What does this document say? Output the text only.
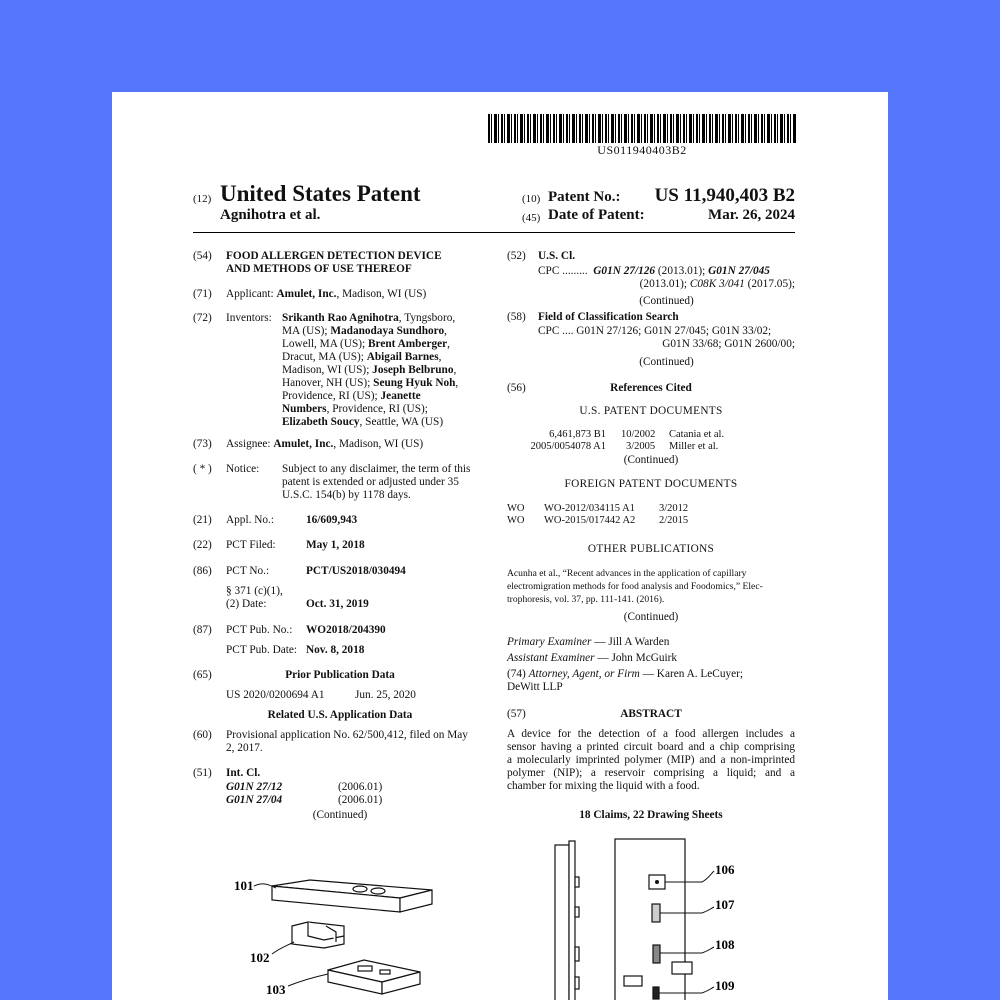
US011940403B2
(12) United States Patent
Agnihotra et al.
(10) Patent No.: US 11,940,403 B2
(45) Date of Patent:	Mar. 26, 2024
(54) FOOD ALLERGEN DETECTION DEVICE
AND METHODS OF USE THEREOF
(71) Applicant: Amulet, Inc., Madison, WI (US)
(72) Inventors: Srikanth Rao Agnihotra, Tyngsboro,
MA (US); Madanodaya Sundhoro,
Lowell, MA (US); Brent Amberger,
Dracut, MA (US); Abigail Barnes,
Madison, WI (US); Joseph Belbruno,
Hanover, NH (US); Seung Hyuk Noh,
Providence, RI (US); Jeanette
Numbers, Providence, RI (US);
Elizabeth Soucy, Seattle, WA (US)
(73) Assignee: Amulet, Inc., Madison, WI (US)
( * ) Notice: Subject to any disclaimer, the term of this
patent is extended or adjusted under 35
U.S.C. 154(b) by 1178 days.
(21) Appl. No.:	16/609,943
(22) PCT Filed:	May 1, 2018
(86) PCT No.:	PCT/US2018/030494
§ 371 (c)(1),
(2) Date:	Oct. 31, 2019
(87) PCT Pub. No.: WO2018/204390
PCT Pub. Date: Nov. 8, 2018
(65)	Prior Publication Data
US 2020/0200694 A1	Jun. 25, 2020
Related U.S. Application Data
(60) Provisional application No. 62/500,412, filed on May
2, 2017.
(51) Int. Cl.
G01N 27/12	(2006.01)
G01N 27/04	(2006.01)
(Continued)
(52) U.S. Cl.
CPC ......... G01N 27/126 (2013.01); G01N 27/045
(2013.01); C08K 3/041 (2017.05);
(Continued)
(58) Field of Classification Search
CPC .... G01N 27/126; G01N 27/045; G01N 33/02;
G01N 33/68; G01N 2600/00;
(Continued)
(56)	References Cited
U.S. PATENT DOCUMENTS
6,461,873 B1 10/2002 Catania et al.
2005/0054078 A1 3/2005 Miller et al.
(Continued)
FOREIGN PATENT DOCUMENTS
WO WO-2012/034115 A1 3/2012
WO WO-2015/017442 A2 2/2015
OTHER PUBLICATIONS
Acunha et al., “Recent advances in the application of capillary
electromigration methods for food analysis and Foodomics,” Elec-
trophoresis, vol. 37, pp. 111-141. (2016).
(Continued)
Primary Examiner — Jill A Warden
Assistant Examiner — John McGuirk
(74) Attorney, Agent, or Firm — Karen A. LeCuyer;
DeWitt LLP
(57)	ABSTRACT
A device for the detection of a food allergen includes a
sensor having a printed circuit board and a chip comprising
a molecularly imprinted polymer (MIP) and a non-imprinted
polymer (NIP); a reservoir comprising a liquid; and a
chamber for mixing the liquid with a food.
18 Claims, 22 Drawing Sheets
101
102
103
106
107
108
109
